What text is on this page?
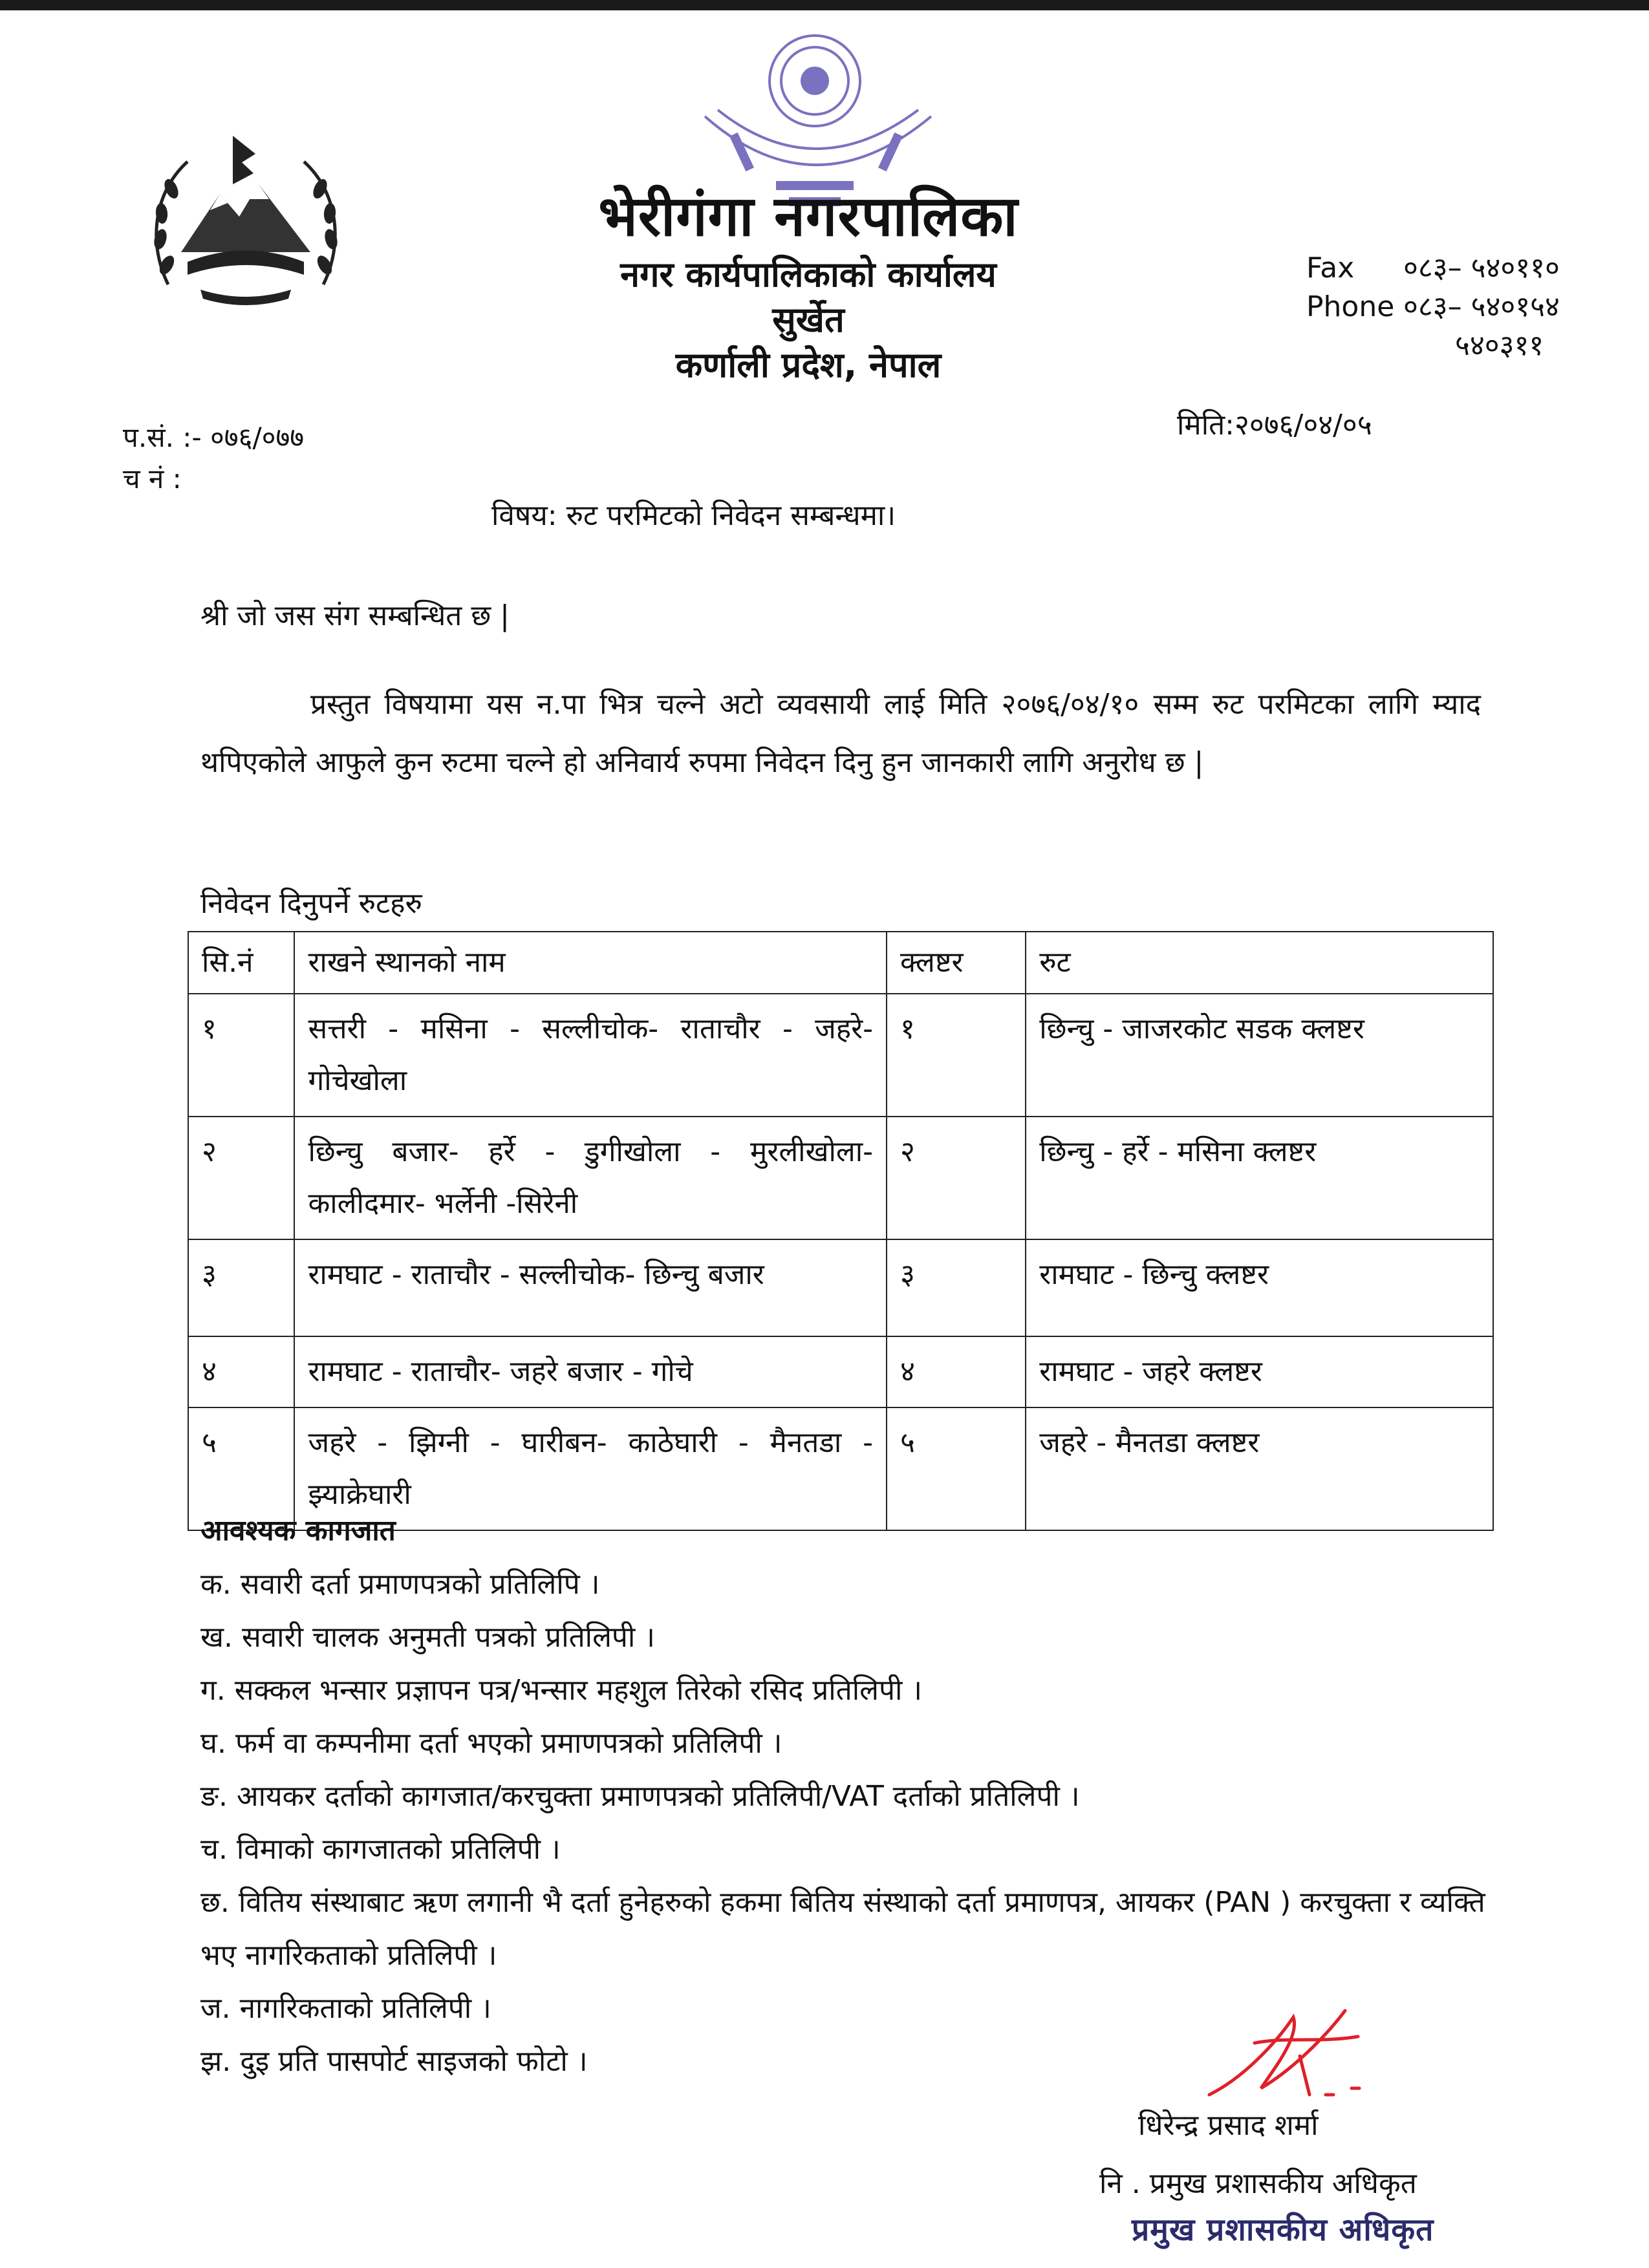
भेरीगंगा नगरपालिका
नगर कार्यपालिकाको कार्यालय
सुर्खेत
कर्णाली प्रदेश, नेपाल
Fax ०८३– ५४०११०
Phone ०८३– ५४०१५४
५४०३११
प.सं. :- ०७६/०७७
च नं :
मिति:२०७६/०४/०५
विषय: रुट परमिटको निवेदन सम्बन्धमा।
श्री जो जस संग सम्बन्धित छ |
प्रस्तुत विषयामा यस न.पा भित्र चल्ने अटो व्यवसायी लाई मिति २०७६/०४/१० सम्म रुट परमिटका लागि म्याद थपिएकोले आफुले कुन रुटमा चल्ने हो अनिवार्य रुपमा निवेदन दिनु हुन जानकारी लागि अनुरोध छ |
निवेदन दिनुपर्ने रुटहरु
सि.नं	राखने स्थानको नाम	क्लष्टर	रुट
१	सत्तरी - मसिना - सल्लीचोक- राताचौर - जहरे- गोचेखोला	१	छिन्चु - जाजरकोट सडक क्लष्टर
२	छिन्चु बजार- हर्रे - डुगीखोला - मुरलीखोला- कालीदमार- भर्लेनी -सिरेनी	२	छिन्चु - हर्रे - मसिना क्लष्टर
३	रामघाट - राताचौर - सल्लीचोक- छिन्चु बजार	३	रामघाट - छिन्चु क्लष्टर
४	रामघाट - राताचौर- जहरे बजार - गोचे	४	रामघाट - जहरे क्लष्टर
५	जहरे - झिग्नी - घारीबन- काठेघारी - मैनतडा - झ्याक्रेघारी	५	जहरे - मैनतडा क्लष्टर
आवश्यक कागजात
क. सवारी दर्ता प्रमाणपत्रको प्रतिलिपि ।
ख. सवारी चालक अनुमती पत्रको प्रतिलिपी ।
ग. सक्कल भन्सार प्रज्ञापन पत्र/भन्सार महशुल तिरेको रसिद प्रतिलिपी ।
घ. फर्म वा कम्पनीमा दर्ता भएको प्रमाणपत्रको प्रतिलिपी ।
ङ. आयकर दर्ताको कागजात/करचुक्ता प्रमाणपत्रको प्रतिलिपी/VAT दर्ताको प्रतिलिपी ।
च. विमाको कागजातको प्रतिलिपी ।
छ. वितिय संस्थाबाट ऋण लगानी भै दर्ता हुनेहरुको हकमा बितिय संस्थाको दर्ता प्रमाणपत्र, आयकर (PAN ) करचुक्ता र व्यक्ति भए नागरिकताको प्रतिलिपी ।
ज. नागरिकताको प्रतिलिपी ।
झ. दुइ प्रति पासपोर्ट साइजको फोटो ।
धिरेन्द्र प्रसाद शर्मा
नि . प्रमुख प्रशासकीय अधिकृत
प्रमुख प्रशासकीय अधिकृत
